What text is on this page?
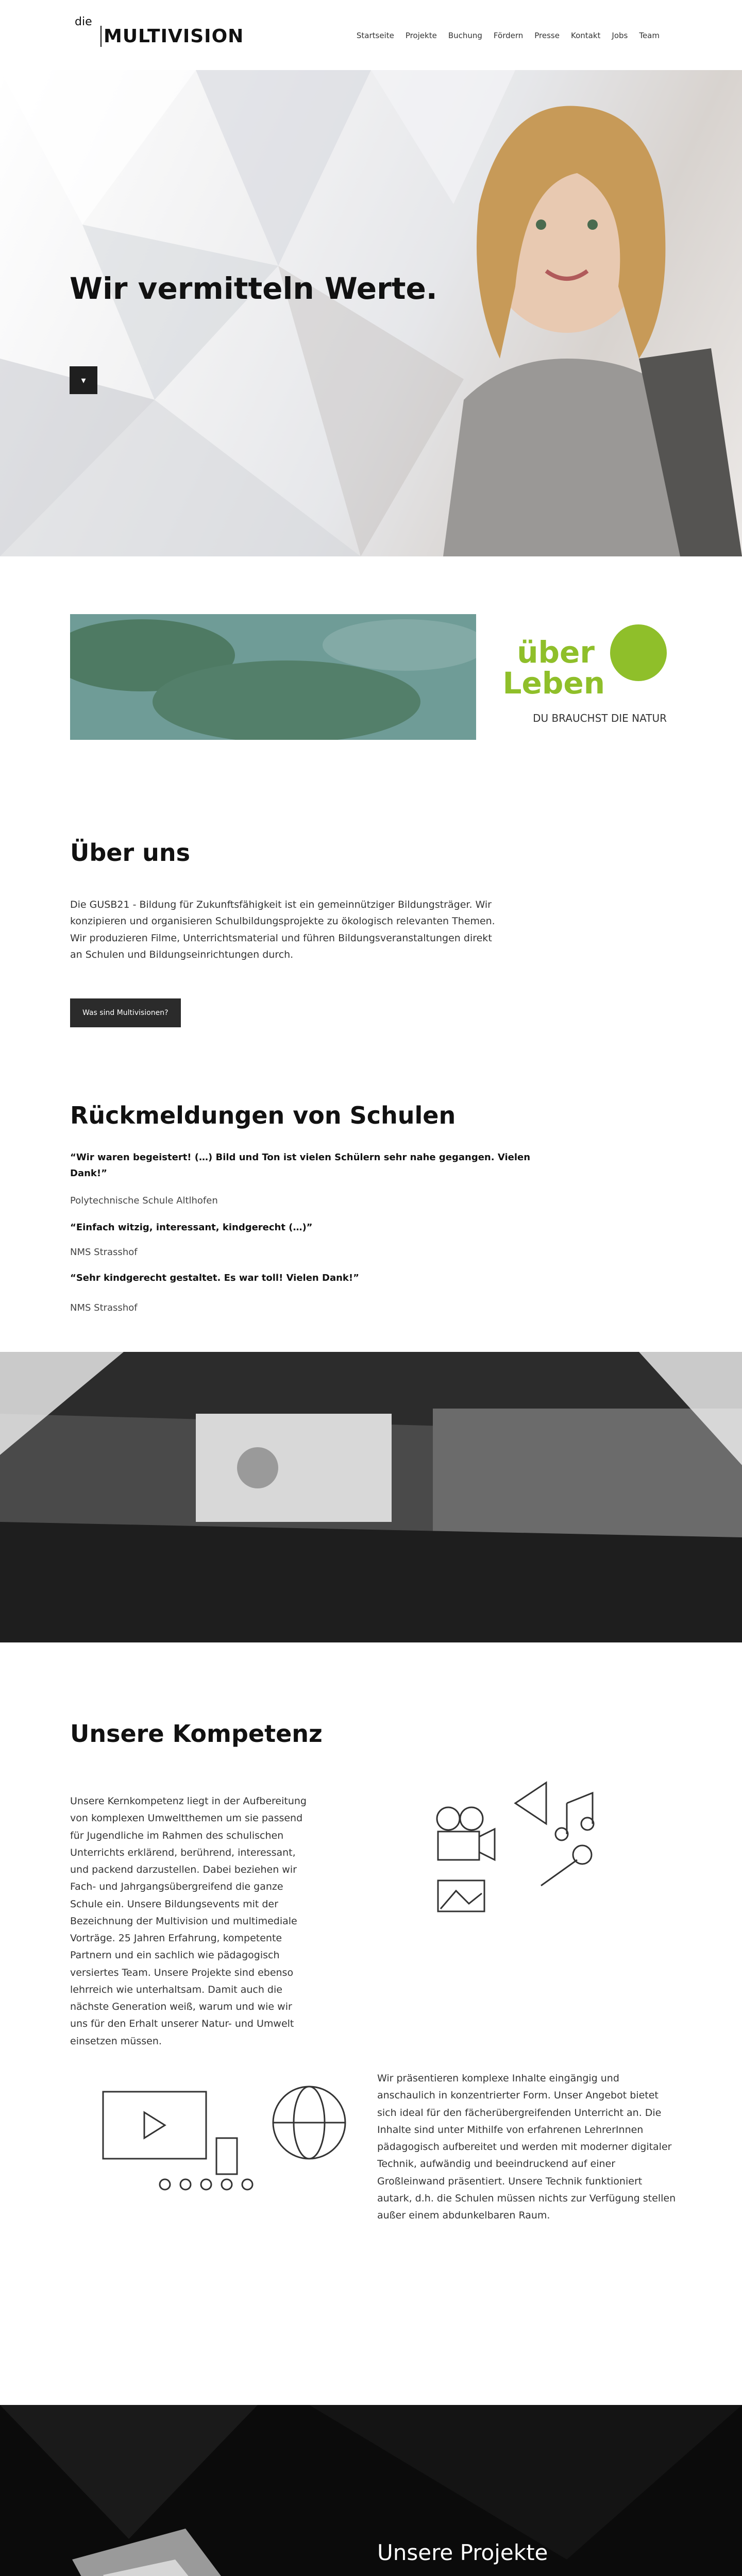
die
MULTIVISION	Startseite Projekte Buchung Fördern Presse Kontakt Jobs Team
Wir vermitteln Werte.
▾
über
Leben
DU BRAUCHST DIE NATUR
Über uns

Die GUSB21 - Bildung für Zukunftsfähigkeit ist ein gemeinnütziger Bildungsträger. Wir konzipieren und organisieren Schulbildungsprojekte zu ökologisch relevanten Themen. Wir produzieren Filme, Unterrichtsmaterial und führen Bildungsveranstaltungen direkt an Schulen und Bildungseinrichtungen durch.

Was sind Multivisionen?
Rückmeldungen von Schulen

“Wir waren begeistert! (…) Bild und Ton ist vielen Schülern sehr nahe gegangen. Vielen Dank!”

Polytechnische Schule Altlhofen

“Einfach witzig, interessant, kindgerecht (…)”

NMS Strasshof

“Sehr kindgerecht gestaltet. Es war toll! Vielen Dank!”

NMS Strasshof

Unsere Kompetenz

Unsere Kernkompetenz liegt in der Aufbereitung von komplexen Umweltthemen um sie passend für Jugendliche im Rahmen des schulischen Unterrichts erklärend, berührend, interessant, und packend darzustellen. Dabei beziehen wir Fach- und Jahrgangsübergreifend die ganze Schule ein. Unsere Bildungsevents mit der Bezeichnung der Multivision und multimediale Vorträge. 25 Jahren Erfahrung, kompetente Partnern und ein sachlich wie pädagogisch versiertes Team. Unsere Projekte sind ebenso lehrreich wie unterhaltsam. Damit auch die nächste Generation weiß, warum und wie wir uns für den Erhalt unserer Natur- und Umwelt einsetzen müssen.

Wir präsentieren komplexe Inhalte eingängig und anschaulich in konzentrierter Form. Unser Angebot bietet sich ideal für den fächerübergreifenden Unterricht an. Die Inhalte sind unter Mithilfe von erfahrenen LehrerInnen pädagogisch aufbereitet und werden mit moderner digitaler Technik, aufwändig und beeindruckend auf einer Großleinwand präsentiert. Unsere Technik funktioniert autark, d.h. die Schulen müssen nichts zur Verfügung stellen außer einem abdunkelbaren Raum.

Unsere Projekte
